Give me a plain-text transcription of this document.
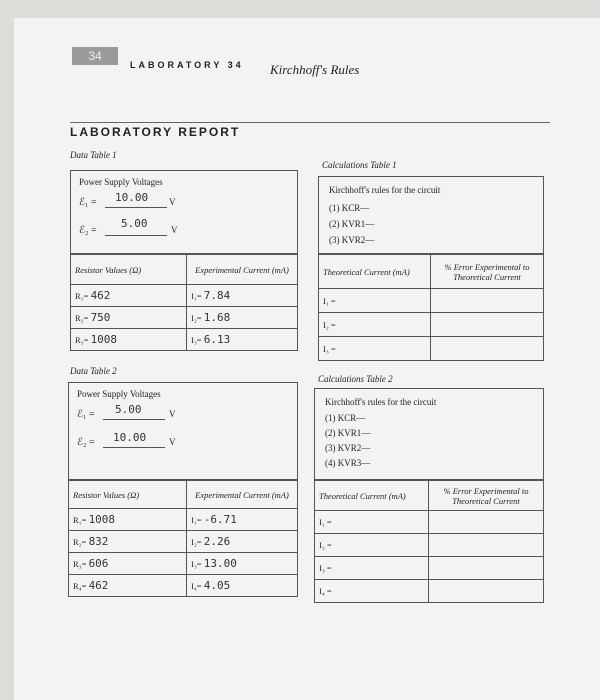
34
LABORATORY 34 Kirchhoff's Rules
LABORATORY REPORT
Data Table 1
Power Supply Voltages
ℰ₁ = 10.00 V
ℰ₂ =
5.00	V
Resistor Values (Ω)	Experimental Current (mA)
R₁= 462	I₁= 7.84
R₂= 750	I₂= 1.68
R₃= 1008	I₃= 6.13
Calculations Table 1
Kirchhoff's rules for the circuit
(1) KCR—
(2) KVR1—
(3) KVR2—
Theoretical Current (mA)	% Error Experimental to Theoretical Current
I₁ =	
I₂ =	
I₃ =	
Data Table 2
Power Supply Voltages
ℰ₁ = 5.00	V
ℰ₂ = 10.00	V
Resistor Values (Ω)	Experimental Current (mA)
R₁= 1008	I₁= -6.71
R₂= 832	I₂= 2.26
R₃= 606	I₃= 13.00
R₄= 462	I₄= 4.05
Calculations Table 2
Kirchhoff's rules for the circuit
(1) KCR—
(2) KVR1—
(3) KVR2—
(4) KVR3—
Theoretical Current (mA)	% Error Experimental to Theoretical Current
I₁ =	
I₂ =	
I₃ =	
I₄ =	
